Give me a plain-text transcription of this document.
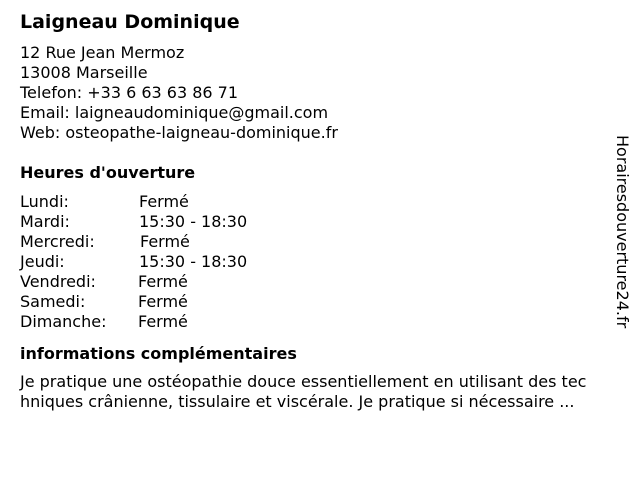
Laigneau Dominique
12 Rue Jean Mermoz
13008 Marseille
Telefon: +33 6 63 63 86 71
Email: laigneaudominique@gmail.com
Web: osteopathe-laigneau-dominique.fr
Heures d'ouverture
Lundi:	Fermé
Mardi:	15:30 - 18:30
Mercredi:	Fermé
Jeudi:	15:30 - 18:30
Vendredi:	Fermé
Samedi:	Fermé
Dimanche: Fermé
informations complémentaires
Je pratique une ostéopathie douce essentiellement en utilisant des tec
hniques crânienne, tissulaire et viscérale. Je pratique si nécessaire ...
Horairesdouverture24.fr
